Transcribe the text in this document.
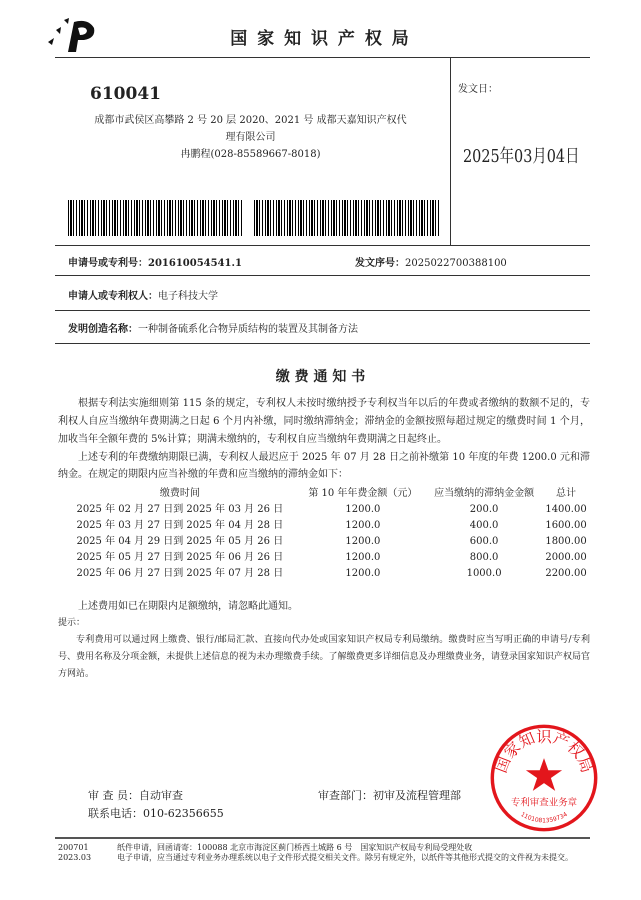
国 家 知 识 产 权 局
610041
成都市武侯区高攀路 2 号 20 层 2020、2021 号 成都天嘉知识产权代
理有限公司
冉鹏程(028-85589667-8018)
发文日：
2025年03月04日
申请号或专利号：201610054541.1	发文序号：2025022700388100
申请人或专利权人：电子科技大学
发明创造名称：一种制备硫系化合物异质结构的装置及其制备方法
缴 费 通 知 书

根据专利法实施细则第 115 条的规定，专利权人未按时缴纳授予专利权当年以后的年费或者缴纳的数额不足的，专利权人自应当缴纳年费期满之日起 6 个月内补缴，同时缴纳滞纳金；滞纳金的金额按照每超过规定的缴费时间 1 个月，加收当年全额年费的 5%计算；期满未缴纳的，专利权自应当缴纳年费期满之日起终止。

上述专利的年费缴纳期限已满，专利权人最迟应于 2025 年 07 月 28 日之前补缴第 10 年度的年费 1200.0 元和滞纳金。在规定的期限内应当补缴的年费和应当缴纳的滞纳金如下：

缴费时间	第 10 年年费金额（元）	应当缴纳的滞纳金金额	总计
2025 年 02 月 27 日到 2025 年 03 月 26 日	1200.0	200.0	1400.00
2025 年 03 月 27 日到 2025 年 04 月 28 日	1200.0	400.0	1600.00
2025 年 04 月 29 日到 2025 年 05 月 26 日	1200.0	600.0	1800.00
2025 年 05 月 27 日到 2025 年 06 月 26 日	1200.0	800.0	2000.00
2025 年 06 月 27 日到 2025 年 07 月 28 日	1200.0	1000.0	2200.00
上述费用如已在期限内足额缴纳，请忽略此通知。
提示：

专利费用可以通过网上缴费、银行/邮局汇款、直接向代办处或国家知识产权局专利局缴纳。缴费时应当写明正确的申请号/专利号、费用名称及分项金额，未提供上述信息的视为未办理缴费手续。了解缴费更多详细信息及办理缴费业务，请登录国家知识产权局官方网站。

审 查 员：自动审查
联系电话：010-62356655
审查部门：初审及流程管理部
国家知识产权局
专利审查业务章
1101081359734
200701
2023.03
纸件申请，回函请寄：100088 北京市海淀区蓟门桥西土城路 6 号　国家知识产权局专利局受理处收
电子申请，应当通过专利业务办理系统以电子文件形式提交相关文件。除另有规定外，以纸件等其他形式提交的文件视为未提交。
